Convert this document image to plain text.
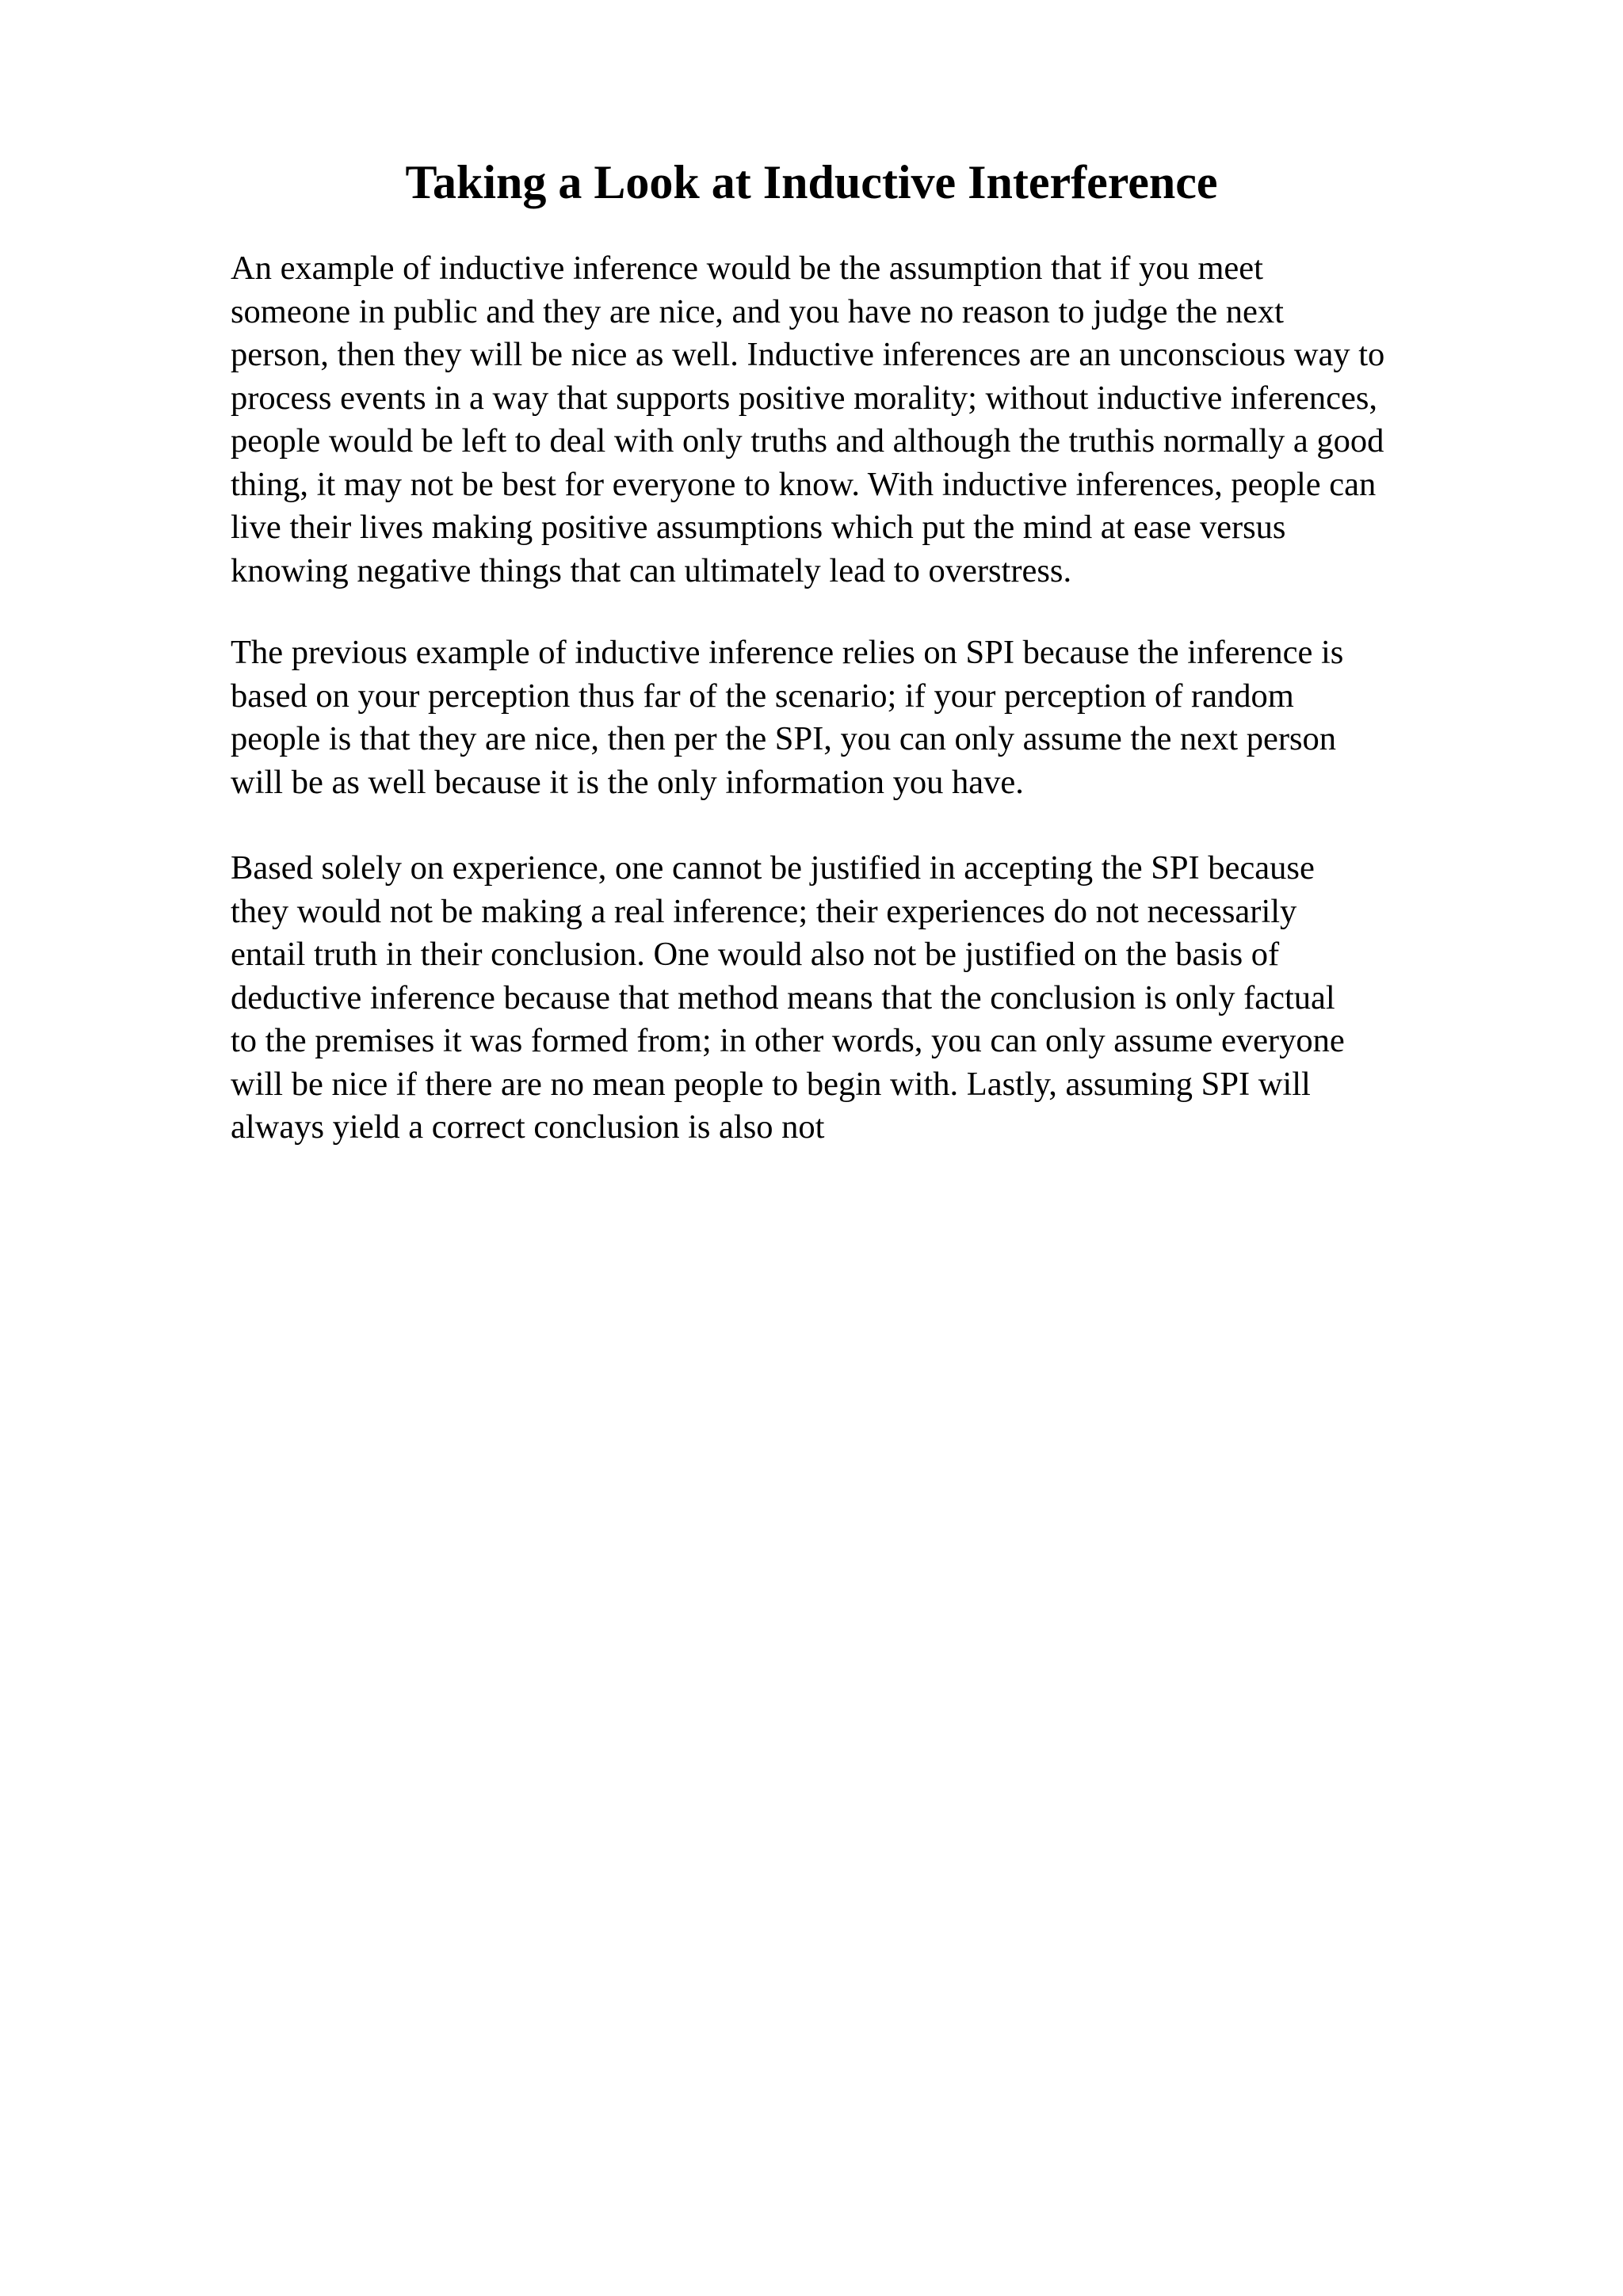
Taking a Look at Inductive Interference
An example of inductive inference would be the assumption that if you meet
someone in public and they are nice, and you have no reason to judge the next
person, then they will be nice as well. Inductive inferences are an unconscious way to
process events in a way that supports positive morality; without inductive inferences,
people would be left to deal with only truths and although the truthis normally a good
thing, it may not be best for everyone to know. With inductive inferences, people can
live their lives making positive assumptions which put the mind at ease versus
knowing negative things that can ultimately lead to overstress.
The previous example of inductive inference relies on SPI because the inference is
based on your perception thus far of the scenario; if your perception of random
people is that they are nice, then per the SPI, you can only assume the next person
will be as well because it is the only information you have.
Based solely on experience, one cannot be justified in accepting the SPI because
they would not be making a real inference; their experiences do not necessarily
entail truth in their conclusion. One would also not be justified on the basis of
deductive inference because that method means that the conclusion is only factual
to the premises it was formed from; in other words, you can only assume everyone
will be nice if there are no mean people to begin with. Lastly, assuming SPI will
always yield a correct conclusion is also not
